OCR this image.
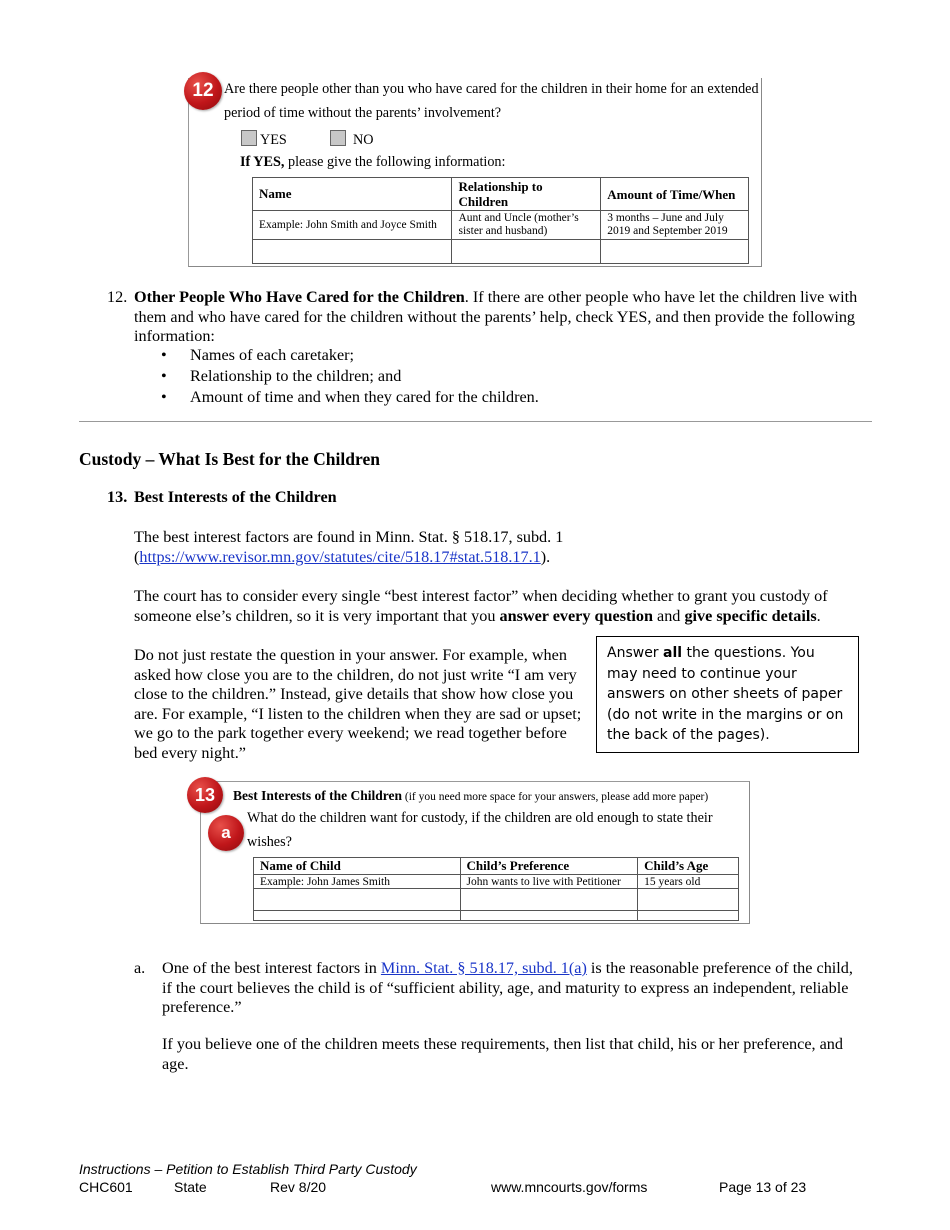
12 Are there people other than you who have cared for the children in their home for an extended
period of time without the parents’ involvement?
YES	NO
If YES, please give the following information:
Name	Relationship to Children	Amount of Time/When
Example: John Smith and Joyce Smith	Aunt and Uncle (mother’s sister and husband)	3 months – June and July 2019 and September 2019

12. Other People Who Have Cared for the Children. If there are other people who have let the children live with them and who have cared for the children without the parents’ help, check YES, and then provide the following information:
• Names of each caretaker;
• Relationship to the children; and
• Amount of time and when they cared for the children.
Custody – What Is Best for the Children
13. Best Interests of the Children
The best interest factors are found in Minn. Stat. § 518.17, subd. 1
(https://www.revisor.mn.gov/statutes/cite/518.17#stat.518.17.1).
The court has to consider every single “best interest factor” when deciding whether to grant you custody of someone else’s children, so it is very important that you answer every question and give specific details.
Do not just restate the question in your answer. For example, when asked how close you are to the children, do not just write “I am very close to the children.” Instead, give details that show how close you are. For example, “I listen to the children when they are sad or upset; we go to the park together every weekend; we read together before bed every night.”
Answer all the questions. You may need to continue your answers on other sheets of paper (do not write in the margins or on the back of the pages).
13	Best Interests of the Children (if you need more space for your answers, please add more paper)
a
What do the children want for custody, if the children are old enough to state their
wishes?
Name of Child	Child’s Preference	Child’s Age
Example: John James Smith	John wants to live with Petitioner	15 years old

a. One of the best interest factors in Minn. Stat. § 518.17, subd. 1(a) is the reasonable preference of the child, if the court believes the child is of “sufficient ability, age, and maturity to express an independent, reliable preference.”
If you believe one of the children meets these requirements, then list that child, his or her preference, and age.
Instructions – Petition to Establish Third Party Custody
CHC601	State	Rev 8/20	www.mncourts.gov/forms	Page 13 of 23
